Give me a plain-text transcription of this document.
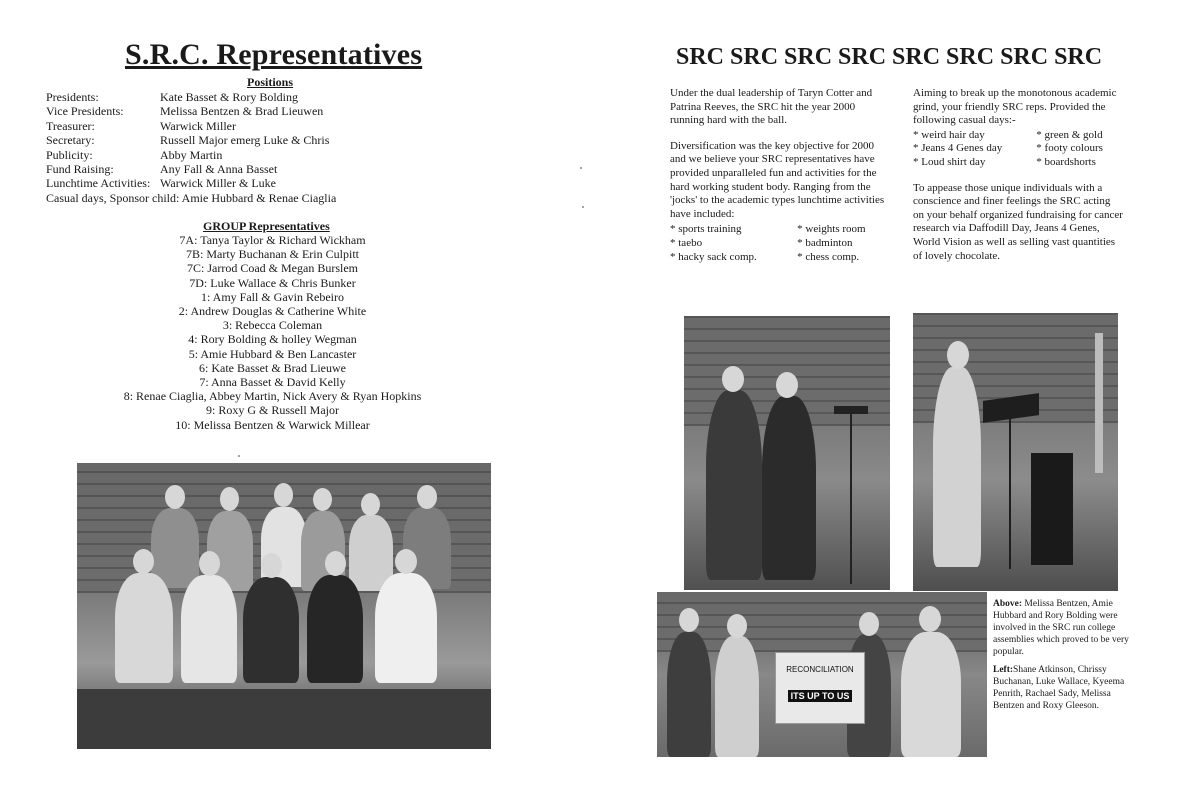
S.R.C. Representatives
Positions
Presidents:	Kate Basset & Rory Bolding
Vice Presidents:	Melissa Bentzen & Brad Lieuwen
Treasurer:	Warwick Miller
Secretary:	Russell Major emerg Luke & Chris
Publicity:	Abby Martin
Fund Raising:	Any Fall & Anna Basset
Lunchtime Activities: Warwick Miller & Luke
Casual days, Sponsor child: Amie Hubbard & Renae Ciaglia
GROUP Representatives
7A: Tanya Taylor & Richard Wickham
7B: Marty Buchanan & Erin Culpitt
7C: Jarrod Coad & Megan Burslem
7D: Luke Wallace & Chris Bunker
1: Amy Fall & Gavin Rebeiro
2: Andrew Douglas & Catherine White
3: Rebecca Coleman
4: Rory Bolding & holley Wegman
5: Amie Hubbard & Ben Lancaster
6: Kate Basset & Brad Lieuwe
7: Anna Basset & David Kelly
8: Renae Ciaglia, Abbey Martin, Nick Avery & Ryan Hopkins
9: Roxy G & Russell Major
10: Melissa Bentzen & Warwick Millear
SRC SRC SRC SRC SRC SRC SRC SRC

Under the dual leadership of Taryn Cotter and Patrina Reeves, the SRC hit the year 2000 running hard with the ball.

Diversification was the key objective for 2000 and we believe your SRC representatives have provided unparalleled fun and activities for the hard working student body. Ranging from the 'jocks' to the academic types lunchtime activities have included:

* sports training	* weights room
* taebo	* badminton
* hacky sack comp.	* chess comp.

Aiming to break up the monotonous academic grind, your friendly SRC reps. Provided the following casual days:-

* weird hair day	* green & gold
* Jeans 4 Genes day	* footy colours
* Loud shirt day	* boardshorts

To appease those unique individuals with a conscience and finer feelings the SRC acting on your behalf organized fundraising for cancer research via Daffodill Day, Jeans 4 Genes, World Vision as well as selling vast quantities of lovely chocolate.

RECONCILIATION
ITS UP TO US

Above: Melissa Bentzen, Amie Hubbard and Rory Bolding were involved in the SRC run college assemblies which proved to be very popular.

Left:Shane Atkinson, Chrissy Buchanan, Luke Wallace, Kyeema Penrith, Rachael Sady, Melissa Bentzen and Roxy Gleeson.
